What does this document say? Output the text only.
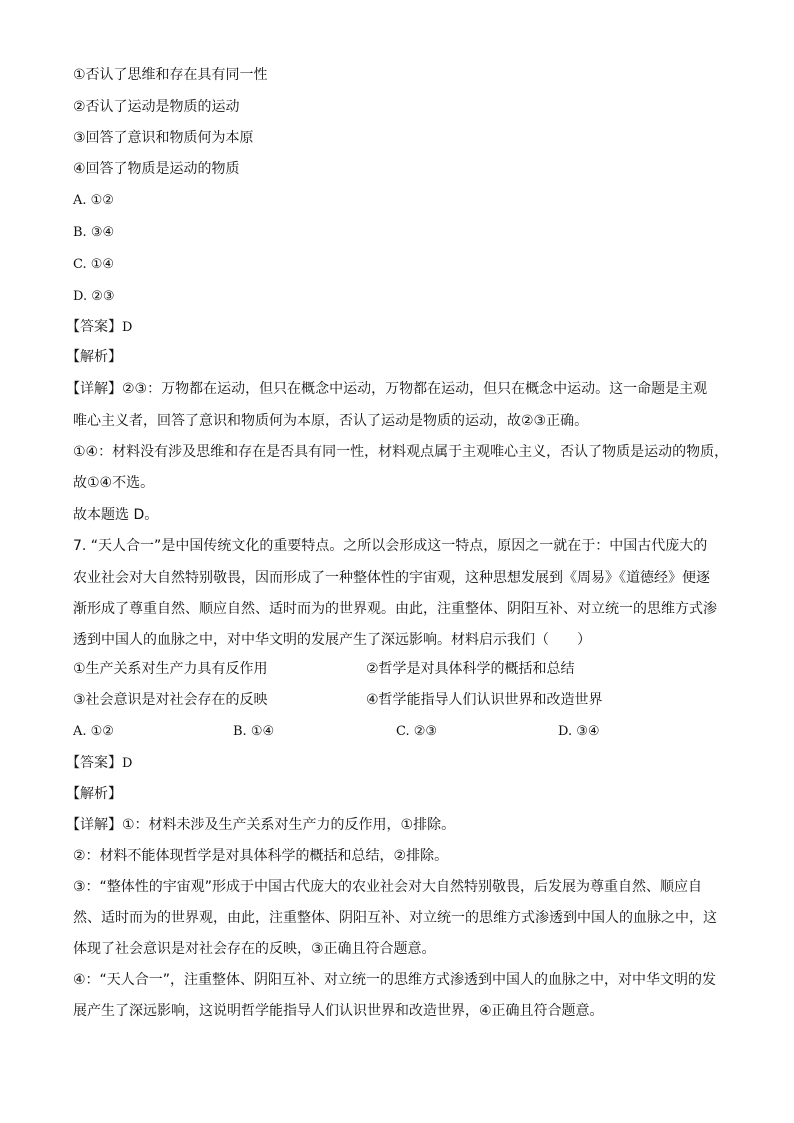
①否认了思维和存在具有同一性
②否认了运动是物质的运动
③回答了意识和物质何为本原
④回答了物质是运动的物质
A. ①②
B. ③④
C. ①④
D. ②③
【答案】D
【解析】
【详解】②③：万物都在运动，但只在概念中运动，万物都在运动，但只在概念中运动。这一命题是主观
唯心主义者，回答了意识和物质何为本原，否认了运动是物质的运动，故②③正确。
①④：材料没有涉及思维和存在是否具有同一性，材料观点属于主观唯心主义，否认了物质是运动的物质，
故①④不选。
故本题选 D。
7. “天人合一”是中国传统文化的重要特点。之所以会形成这一特点，原因之一就在于：中国古代庞大的
农业社会对大自然特别敬畏，因而形成了一种整体性的宇宙观，这种思想发展到《周易》《道德经》便逐
渐形成了尊重自然、顺应自然、适时而为的世界观。由此，注重整体、阴阳互补、对立统一的思维方式渗
透到中国人的血脉之中，对中华文明的发展产生了深远影响。材料启示我们（　　）
①生产关系对生产力具有反作用	②哲学是对具体科学的概括和总结
③社会意识是对社会存在的反映	④哲学能指导人们认识世界和改造世界
A. ①②	B. ①④	C. ②③	D. ③④
【答案】D
【解析】
【详解】①：材料未涉及生产关系对生产力的反作用，①排除。
②：材料不能体现哲学是对具体科学的概括和总结，②排除。
③：“整体性的宇宙观”形成于中国古代庞大的农业社会对大自然特别敬畏，后发展为尊重自然、顺应自
然、适时而为的世界观，由此，注重整体、阴阳互补、对立统一的思维方式渗透到中国人的血脉之中，这
体现了社会意识是对社会存在的反映，③正确且符合题意。
④：“天人合一”，注重整体、阴阳互补、对立统一的思维方式渗透到中国人的血脉之中，对中华文明的发
展产生了深远影响，这说明哲学能指导人们认识世界和改造世界，④正确且符合题意。
